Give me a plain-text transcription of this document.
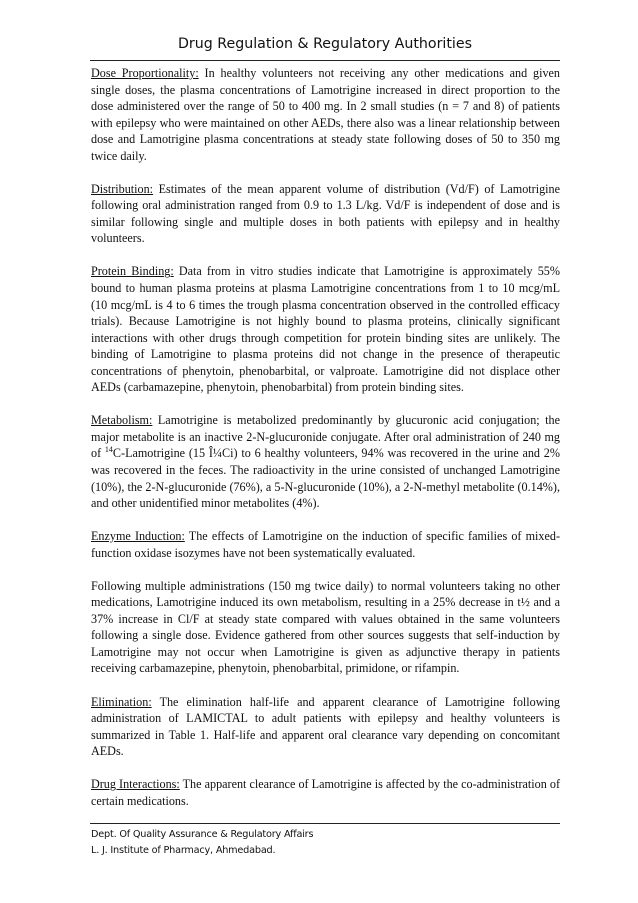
Drug Regulation & Regulatory Authorities

Dose Proportionality: In healthy volunteers not receiving any other medications and given single doses, the plasma concentrations of Lamotrigine increased in direct proportion to the dose administered over the range of 50 to 400 mg. In 2 small studies (n = 7 and 8) of patients with epilepsy who were maintained on other AEDs, there also was a linear relationship between dose and Lamotrigine plasma concentrations at steady state following doses of 50 to 350 mg twice daily.

Distribution: Estimates of the mean apparent volume of distribution (Vd/F) of Lamotrigine following oral administration ranged from 0.9 to 1.3 L/kg. Vd/F is independent of dose and is similar following single and multiple doses in both patients with epilepsy and in healthy volunteers.

Protein Binding: Data from in vitro studies indicate that Lamotrigine is approximately 55% bound to human plasma proteins at plasma Lamotrigine concentrations from 1 to 10 mcg/mL (10 mcg/mL is 4 to 6 times the trough plasma concentration observed in the controlled efficacy trials). Because Lamotrigine is not highly bound to plasma proteins, clinically significant interactions with other drugs through competition for protein binding sites are unlikely. The binding of Lamotrigine to plasma proteins did not change in the presence of therapeutic concentrations of phenytoin, phenobarbital, or valproate. Lamotrigine did not displace other AEDs (carbamazepine, phenytoin, phenobarbital) from protein binding sites.

Metabolism: Lamotrigine is metabolized predominantly by glucuronic acid conjugation; the major metabolite is an inactive 2-N-glucuronide conjugate. After oral administration of 240 mg of $^{14}$C-Lamotrigine (15 Î¼Ci) to 6 healthy volunteers, 94% was recovered in the urine and 2% was recovered in the feces. The radioactivity in the urine consisted of unchanged Lamotrigine (10%), the 2-N-glucuronide (76%), a 5-N-glucuronide (10%), a 2-N-methyl metabolite (0.14%), and other unidentified minor metabolites (4%).

Enzyme Induction: The effects of Lamotrigine on the induction of specific families of mixed-function oxidase isozymes have not been systematically evaluated.

Following multiple administrations (150 mg twice daily) to normal volunteers taking no other medications, Lamotrigine induced its own metabolism, resulting in a 25% decrease in t½ and a 37% increase in Cl/F at steady state compared with values obtained in the same volunteers following a single dose. Evidence gathered from other sources suggests that self-induction by Lamotrigine may not occur when Lamotrigine is given as adjunctive therapy in patients receiving carbamazepine, phenytoin, phenobarbital, primidone, or rifampin.

Elimination: The elimination half-life and apparent clearance of Lamotrigine following administration of LAMICTAL to adult patients with epilepsy and healthy volunteers is summarized in Table 1. Half-life and apparent oral clearance vary depending on concomitant AEDs.

Drug Interactions: The apparent clearance of Lamotrigine is affected by the co-administration of certain medications.

Dept. Of Quality Assurance & Regulatory Affairs
L. J. Institute of Pharmacy, Ahmedabad.
